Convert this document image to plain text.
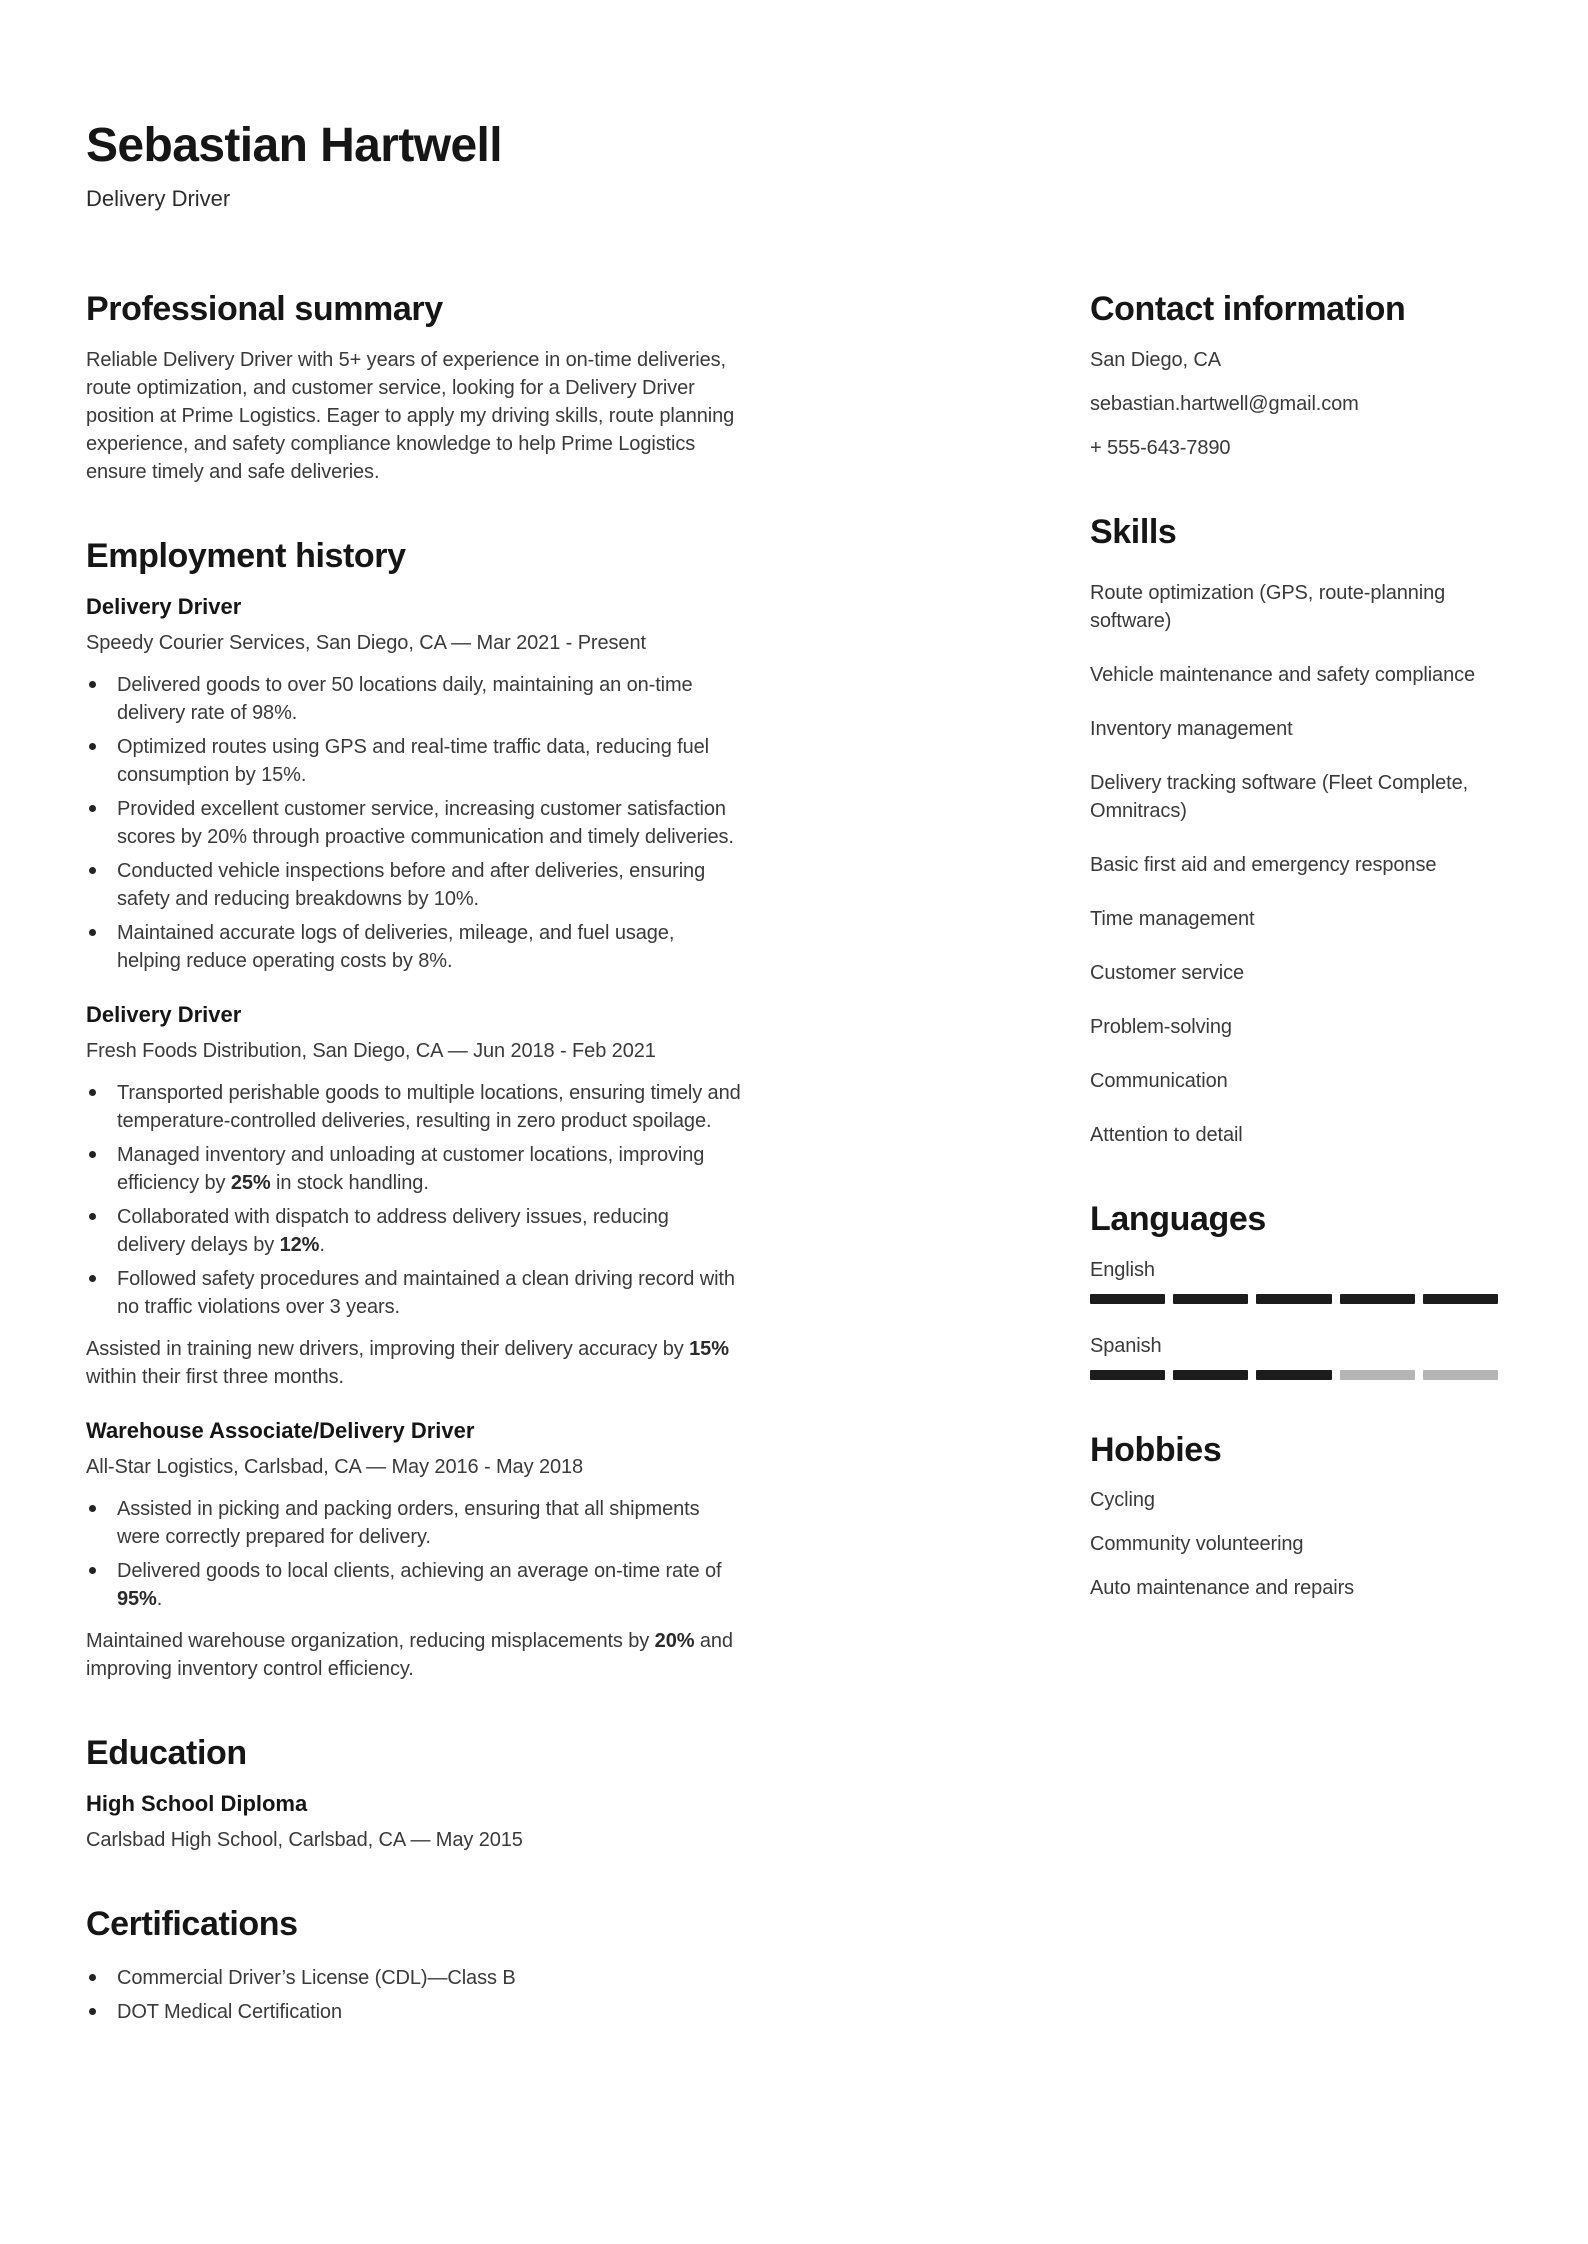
Sebastian Hartwell
Delivery Driver
Professional summary

Reliable Delivery Driver with 5+ years of experience in on-time deliveries, route optimization, and customer service, looking for a Delivery Driver position at Prime Logistics. Eager to apply my driving skills, route planning experience, and safety compliance knowledge to help Prime Logistics ensure timely and safe deliveries.

Employment history
Delivery Driver
Speedy Courier Services, San Diego, CA — Mar 2021 - Present
Delivered goods to over 50 locations daily, maintaining an on-time delivery rate of 98%.
Optimized routes using GPS and real-time traffic data, reducing fuel consumption by 15%.
Provided excellent customer service, increasing customer satisfaction scores by 20% through proactive communication and timely deliveries.
Conducted vehicle inspections before and after deliveries, ensuring safety and reducing breakdowns by 10%.
Maintained accurate logs of deliveries, mileage, and fuel usage, helping reduce operating costs by 8%.
Delivery Driver
Fresh Foods Distribution, San Diego, CA — Jun 2018 - Feb 2021
Transported perishable goods to multiple locations, ensuring timely and temperature-controlled deliveries, resulting in zero product spoilage.
Managed inventory and unloading at customer locations, improving efficiency by 25% in stock handling.
Collaborated with dispatch to address delivery issues, reducing delivery delays by 12%.
Followed safety procedures and maintained a clean driving record with no traffic violations over 3 years.

Assisted in training new drivers, improving their delivery accuracy by 15% within their first three months.

Warehouse Associate/Delivery Driver
All-Star Logistics, Carlsbad, CA — May 2016 - May 2018
Assisted in picking and packing orders, ensuring that all shipments were correctly prepared for delivery.
Delivered goods to local clients, achieving an average on-time rate of 95%.

Maintained warehouse organization, reducing misplacements by 20% and improving inventory control efficiency.

Education
High School Diploma
Carlsbad High School, Carlsbad, CA — May 2015
Certifications
Commercial Driver’s License (CDL)—Class B
DOT Medical Certification
Contact information
San Diego, CA
sebastian.hartwell@gmail.com
+ 555-643-7890
Skills
Route optimization (GPS, route-planning software)
Vehicle maintenance and safety compliance
Inventory management
Delivery tracking software (Fleet Complete, Omnitracs)
Basic first aid and emergency response
Time management
Customer service
Problem-solving
Communication
Attention to detail
Languages
English
Spanish
Hobbies
Cycling
Community volunteering
Auto maintenance and repairs
